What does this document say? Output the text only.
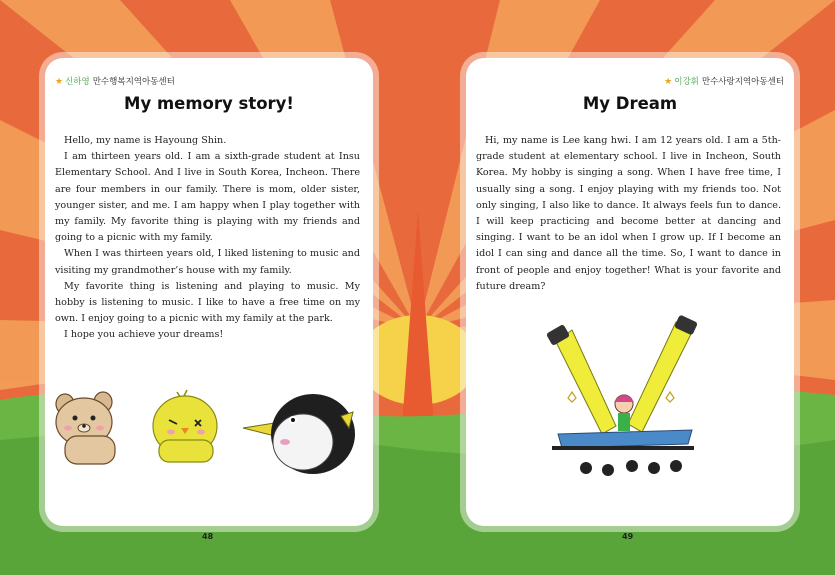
★ 신하영 만수행복지역아동센터
My memory story!

Hello, my name is Hayoung Shin.

I am thirteen years old. I am a sixth-grade student at Insu Elementary School. And I live in South Korea, Incheon. There are four members in our family. There is mom, older sister, younger sister, and me. I am happy when I play together with my family. My favorite thing is playing with my friends and going to a picnic with my family.

When I was thirteen years old, I liked listening to music and visiting my grandmother’s house with my family.

My favorite thing is listening and playing to music. My hobby is listening to music. I like to have a free time on my own. I enjoy going to a picnic with my family at the park.

I hope you achieve your dreams!

★ 이강휘 만수사랑지역아동센터
My Dream

Hi, my name is Lee kang hwi. I am 12 years old. I am a 5th-grade student at elementary school. I live in Incheon, South Korea. My hobby is singing a song. When I have free time, I usually sing a song. I enjoy playing with my friends too. Not only singing, I also like to dance. It always feels fun to dance. I will keep practicing and become better at dancing and singing. I want to be an idol when I grow up. If I become an idol I can sing and dance all the time. So, I want to dance in front of people and enjoy together! What is your favorite and future dream?

48	49
